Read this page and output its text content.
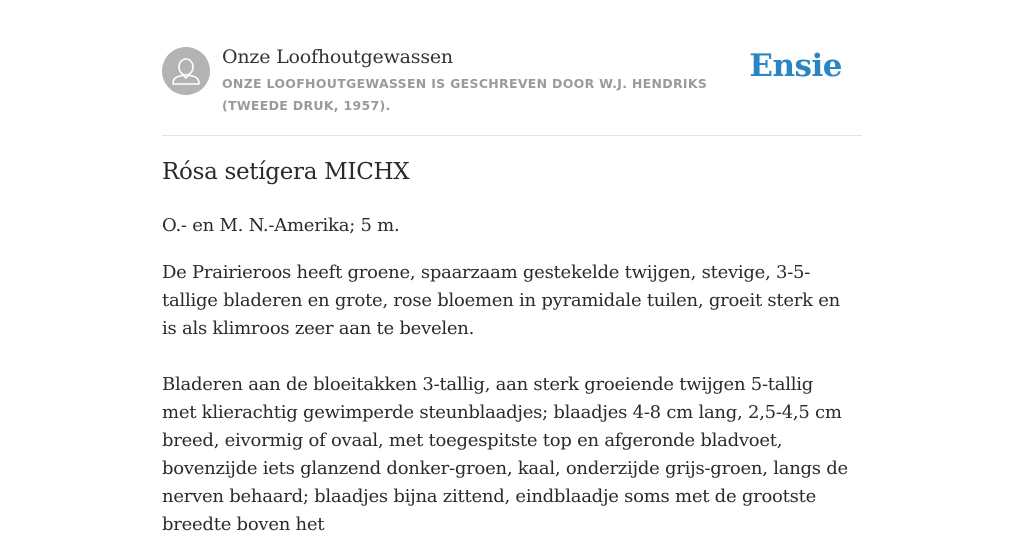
Onze Loofhoutgewassen
ONZE LOOFHOUTGEWASSEN IS GESCHREVEN DOOR W.J. HENDRIKS (TWEEDE DRUK, 1957).
Ensie
Rósa setígera MICHX

O.- en M. N.-Amerika; 5 m.

De Prairieroos heeft groene, spaarzaam gestekelde twijgen, stevige, 3-5-tallige bladeren en grote, rose bloemen in pyramidale tuilen, groeit sterk en is als klimroos zeer aan te bevelen.

Bladeren aan de bloeitakken 3-tallig, aan sterk groeiende twijgen 5-tallig met klierachtig gewimperde steunblaadjes; blaadjes 4-8 cm lang, 2,5-4,5 cm breed, eivormig of ovaal, met toegespitste top en afgeronde bladvoet, bovenzijde iets glanzend donker-groen, kaal, onderzijde grijs-groen, langs de nerven behaard; blaadjes bijna zittend, eindblaadje soms met de grootste breedte boven het
